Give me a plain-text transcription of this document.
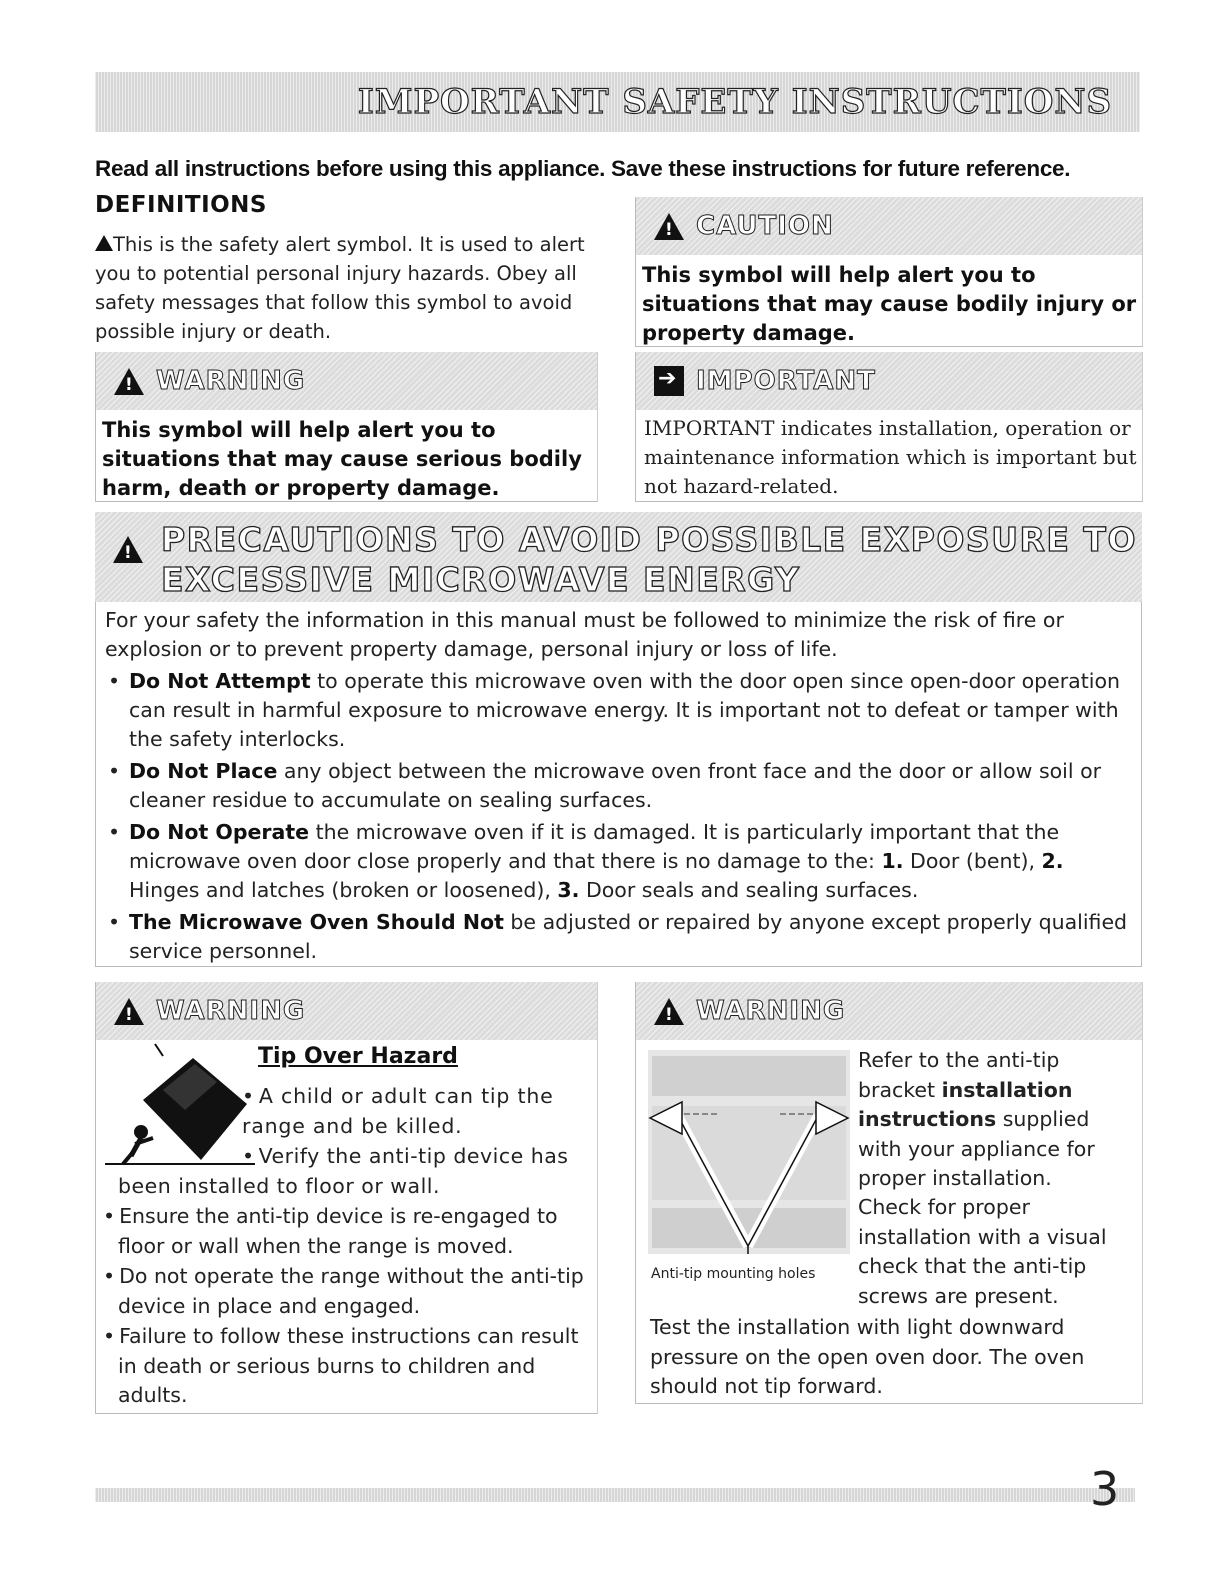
IMPORTANT SAFETY INSTRUCTIONS
Read all instructions before using this appliance. Save these instructions for future reference.
DEFINITIONS
This is the safety alert symbol. It is used to alert you to potential personal injury hazards. Obey all safety messages that follow this symbol to avoid possible injury or death.
!
CAUTION
This symbol will help alert you to situations that may cause bodily injury or property damage.
!
WARNING
This symbol will help alert you to situations that may cause serious bodily harm, death or property damage.
➔
IMPORTANT
IMPORTANT indicates installation, operation or maintenance information which is important but not hazard-related.
!
PRECAUTIONS TO AVOID POSSIBLE EXPOSURE TO
EXCESSIVE MICROWAVE ENERGY

For your safety the information in this manual must be followed to minimize the risk of fire or explosion or to prevent property damage, personal injury or loss of life.

• Do Not Attempt to operate this microwave oven with the door open since open-door operation can result in harmful exposure to microwave energy. It is important not to defeat or tamper with the safety interlocks.
• Do Not Place any object between the microwave oven front face and the door or allow soil or cleaner residue to accumulate on sealing surfaces.
• Do Not Operate the microwave oven if it is damaged. It is particularly important that the microwave oven door close properly and that there is no damage to the: 1. Door (bent), 2. Hinges and latches (broken or loosened), 3. Door seals and sealing surfaces.
• The Microwave Oven Should Not be adjusted or repaired by anyone except properly qualified service personnel.
!
WARNING
Tip Over Hazard
• A child or adult can tip the range and be killed.
• Verify the anti-tip device has been installed to floor or wall.
• Ensure the anti-tip device is re-engaged to floor or wall when the range is moved.
• Do not operate the range without the anti-tip device in place and engaged.
• Failure to follow these instructions can result in death or serious burns to children and adults.
!
WARNING
Anti-tip mounting holes
Refer to the anti-tip bracket installation instructions supplied with your appliance for proper installation.
Check for proper installation with a visual check that the anti-tip screws are present.
Test the installation with light downward pressure on the open oven door. The oven should not tip forward.
3
